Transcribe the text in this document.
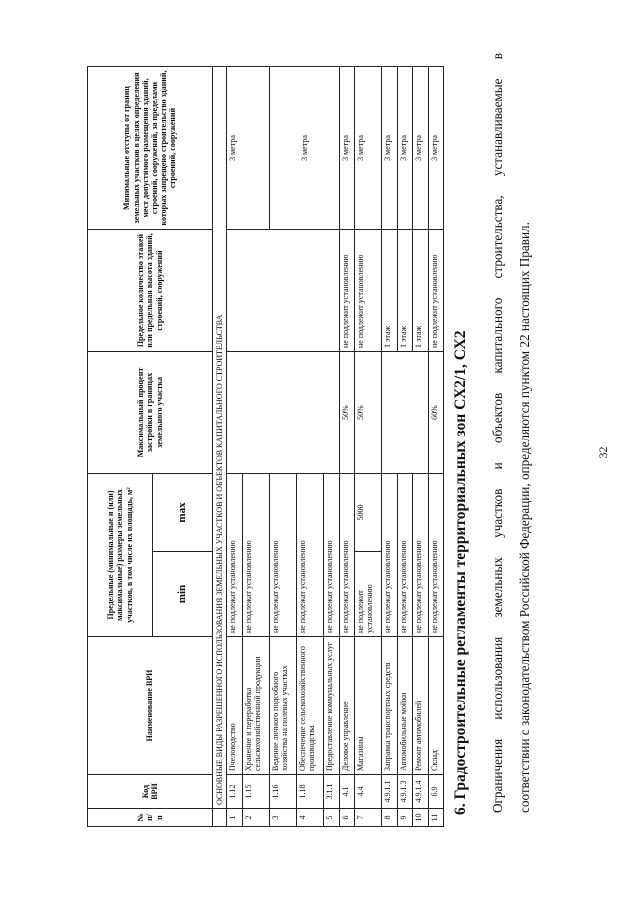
32
Ограничения использования земельных участков и объектов капитального строительства, устанавливаемые в соответствии с законодательством Российской Федерации, определяются пунктом 22 настоящих Правил.
6. Градостроительные регламенты территориальных зон СХ2/1, СХ2
№ п/п	Код ВРИ	Наименование ВРИ	Предельные (минимальные и (или) максимальные) размеры земельных участков, в том числе их площадь, м²		Максимальный процент застройки в границах земельного участка	Предельное количество этажей или предельная высота зданий, строений, сооружений	Минимальные отступы от границ земельных участков в целях определения мест допустимого размещения зданий, строений, сооружений, за пределами которых запрещено строительство зданий, строений, сооружений
			min	max			
	ОСНОВНЫЕ ВИДЫ РАЗРЕШЕННОГО ИСПОЛЬЗОВАНИЯ ЗЕМЕЛЬНЫХ УЧАСТКОВ И ОБЪЕКТОВ КАПИТАЛЬНОГО СТРОИТЕЛЬСТВА						
1	1.12	Пчеловодство	не подлежат установлению				3 метра
2	1.15	Хранение и переработка сельскохозяйственной продукции	не подлежат установлению				
3	1.16	Ведение личного подсобного хозяйства на полевых участках	не подлежат установлению				3 метра
4	1.18	Обеспечение сельскохозяйственного производства	не подлежат установлению				
5	3.1.1	Предоставление коммунальных услуг	не подлежат установлению				
6	4.1	Деловое управление	не подлежат установлению		50%	не подлежит установлению	3 метра
7	4.4	Магазины	не подлежит установлению	5000	50%	не подлежит установлению	3 метра
8	4.9.1.1	Заправка транспортных средств	не подлежат установлению			1 этаж	3 метра
9	4.9.1.3	Автомобильные мойки	не подлежат установлению			1 этаж	3 метра
10	4.9.1.4	Ремонт автомобилей	не подлежат установлению			1 этаж	3 метра
11	6.9	Склад	не подлежат установлению		60%	не подлежит установлению	3 метра
